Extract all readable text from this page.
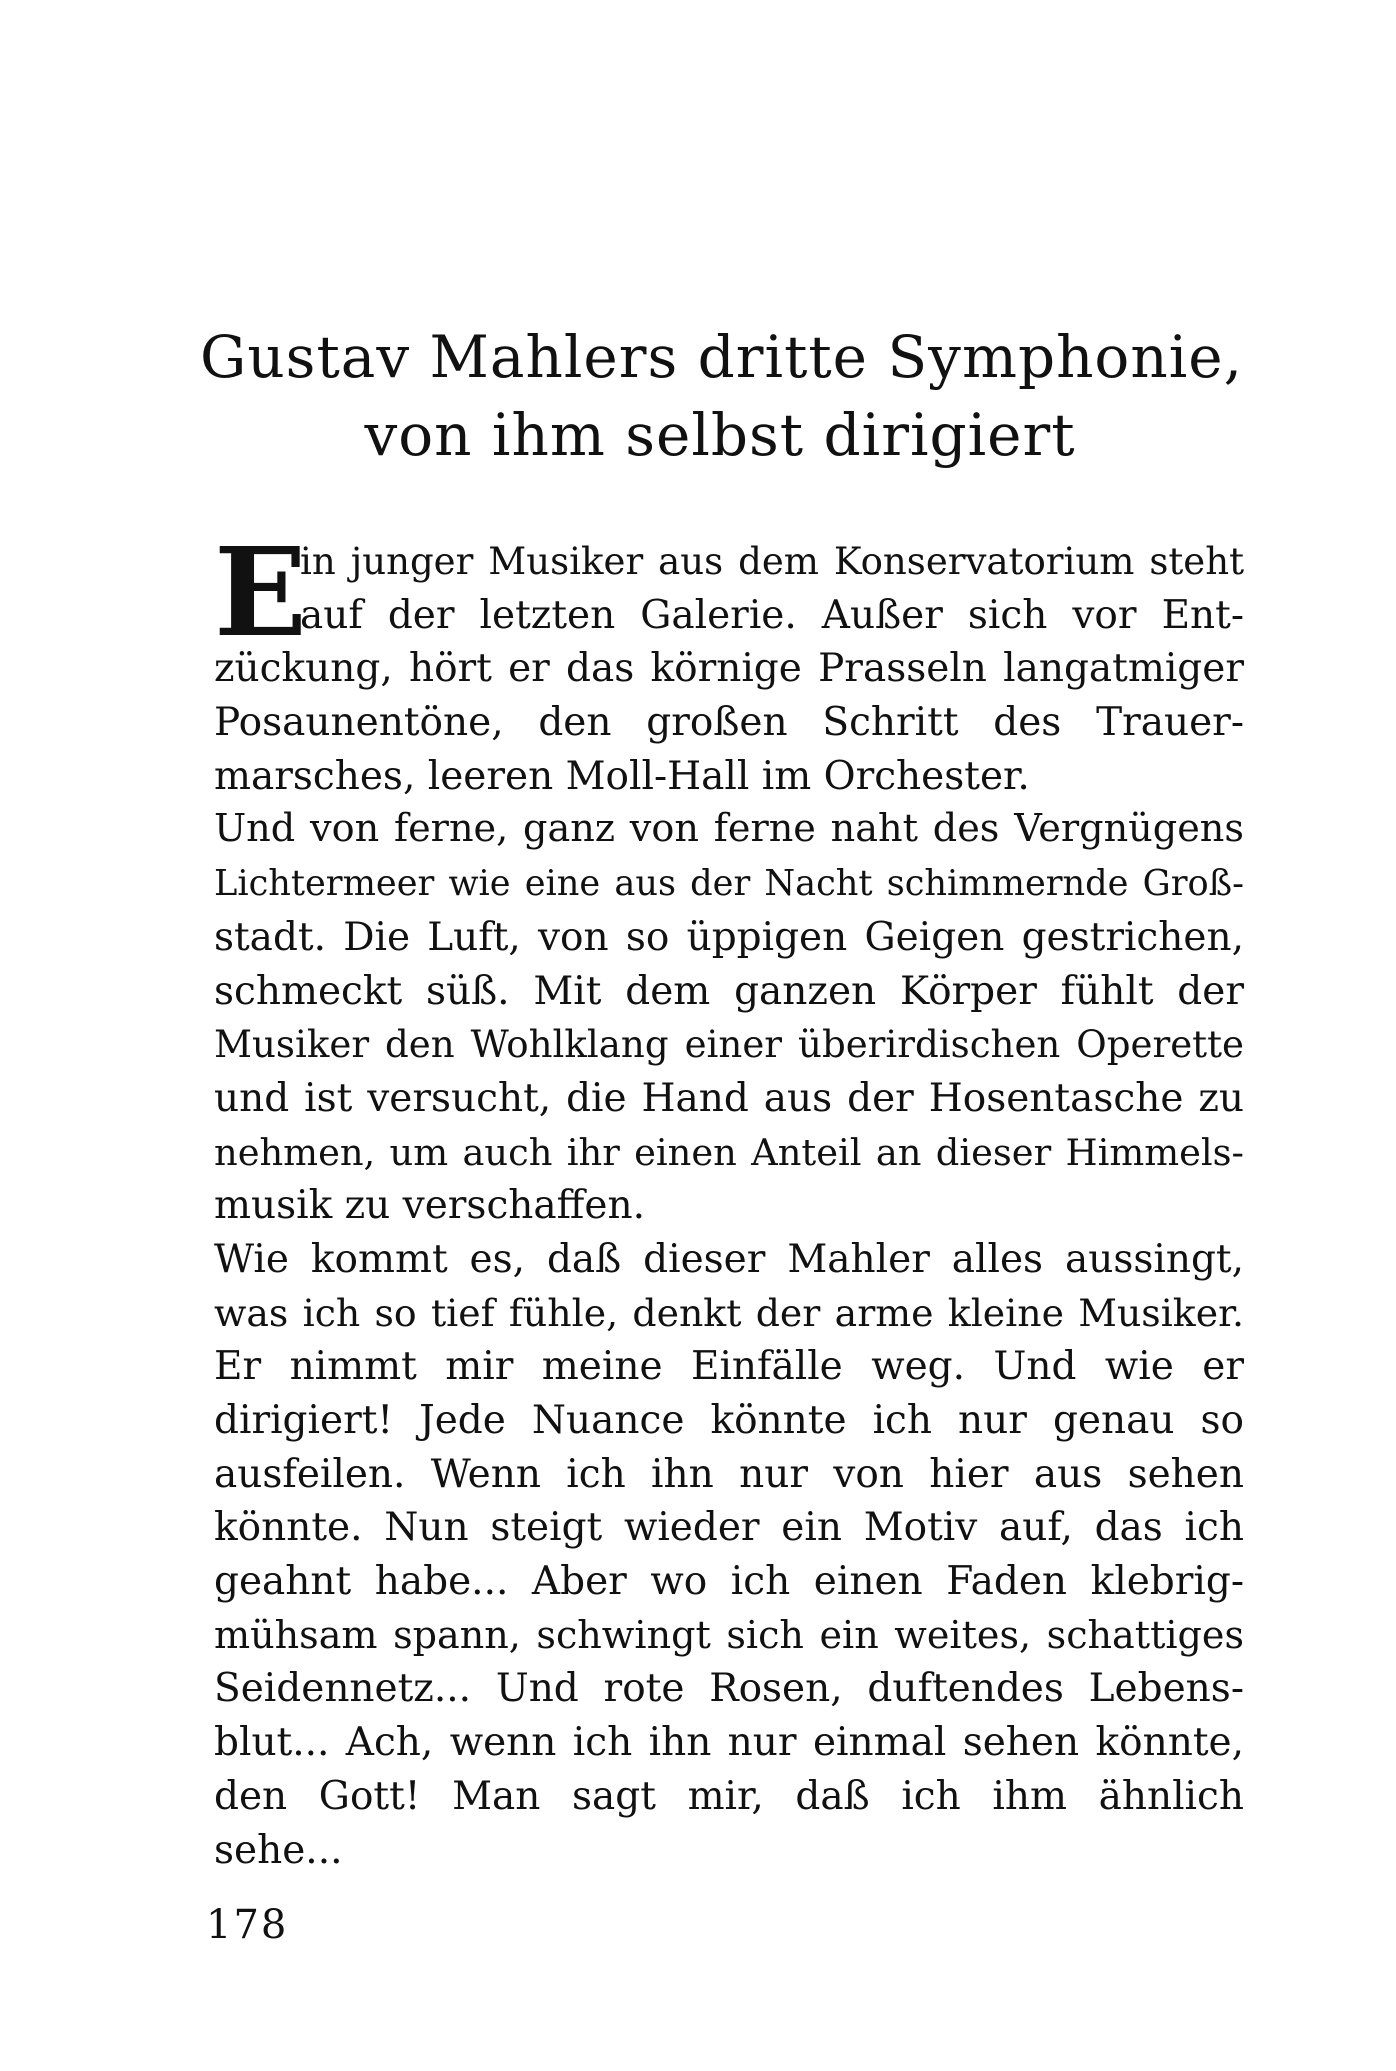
Gustav Mahlers dritte Symphonie,
von ihm selbst dirigiert
E
in junger Musiker aus dem Konservatorium steht
auf der letzten Galerie. Außer sich vor Ent-
zückung, hört er das körnige Prasseln langatmiger
Posaunentöne, den großen Schritt des Trauer-
marsches, leeren Moll-Hall im Orchester.
Und von ferne, ganz von ferne naht des Vergnügens
Lichtermeer wie eine aus der Nacht schimmernde Groß-
stadt. Die Luft, von so üppigen Geigen gestrichen,
schmeckt süß. Mit dem ganzen Körper fühlt der
Musiker den Wohlklang einer überirdischen Operette
und ist versucht, die Hand aus der Hosentasche zu
nehmen, um auch ihr einen Anteil an dieser Himmels-
musik zu verschaffen.
Wie kommt es, daß dieser Mahler alles aussingt,
was ich so tief fühle, denkt der arme kleine Musiker.
Er nimmt mir meine Einfälle weg. Und wie er
dirigiert! Jede Nuance könnte ich nur genau so
ausfeilen. Wenn ich ihn nur von hier aus sehen
könnte. Nun steigt wieder ein Motiv auf, das ich
geahnt habe... Aber wo ich einen Faden klebrig-
mühsam spann, schwingt sich ein weites, schattiges
Seidennetz... Und rote Rosen, duftendes Lebens-
blut... Ach, wenn ich ihn nur einmal sehen könnte,
den Gott! Man sagt mir, daß ich ihm ähnlich
sehe...
178
